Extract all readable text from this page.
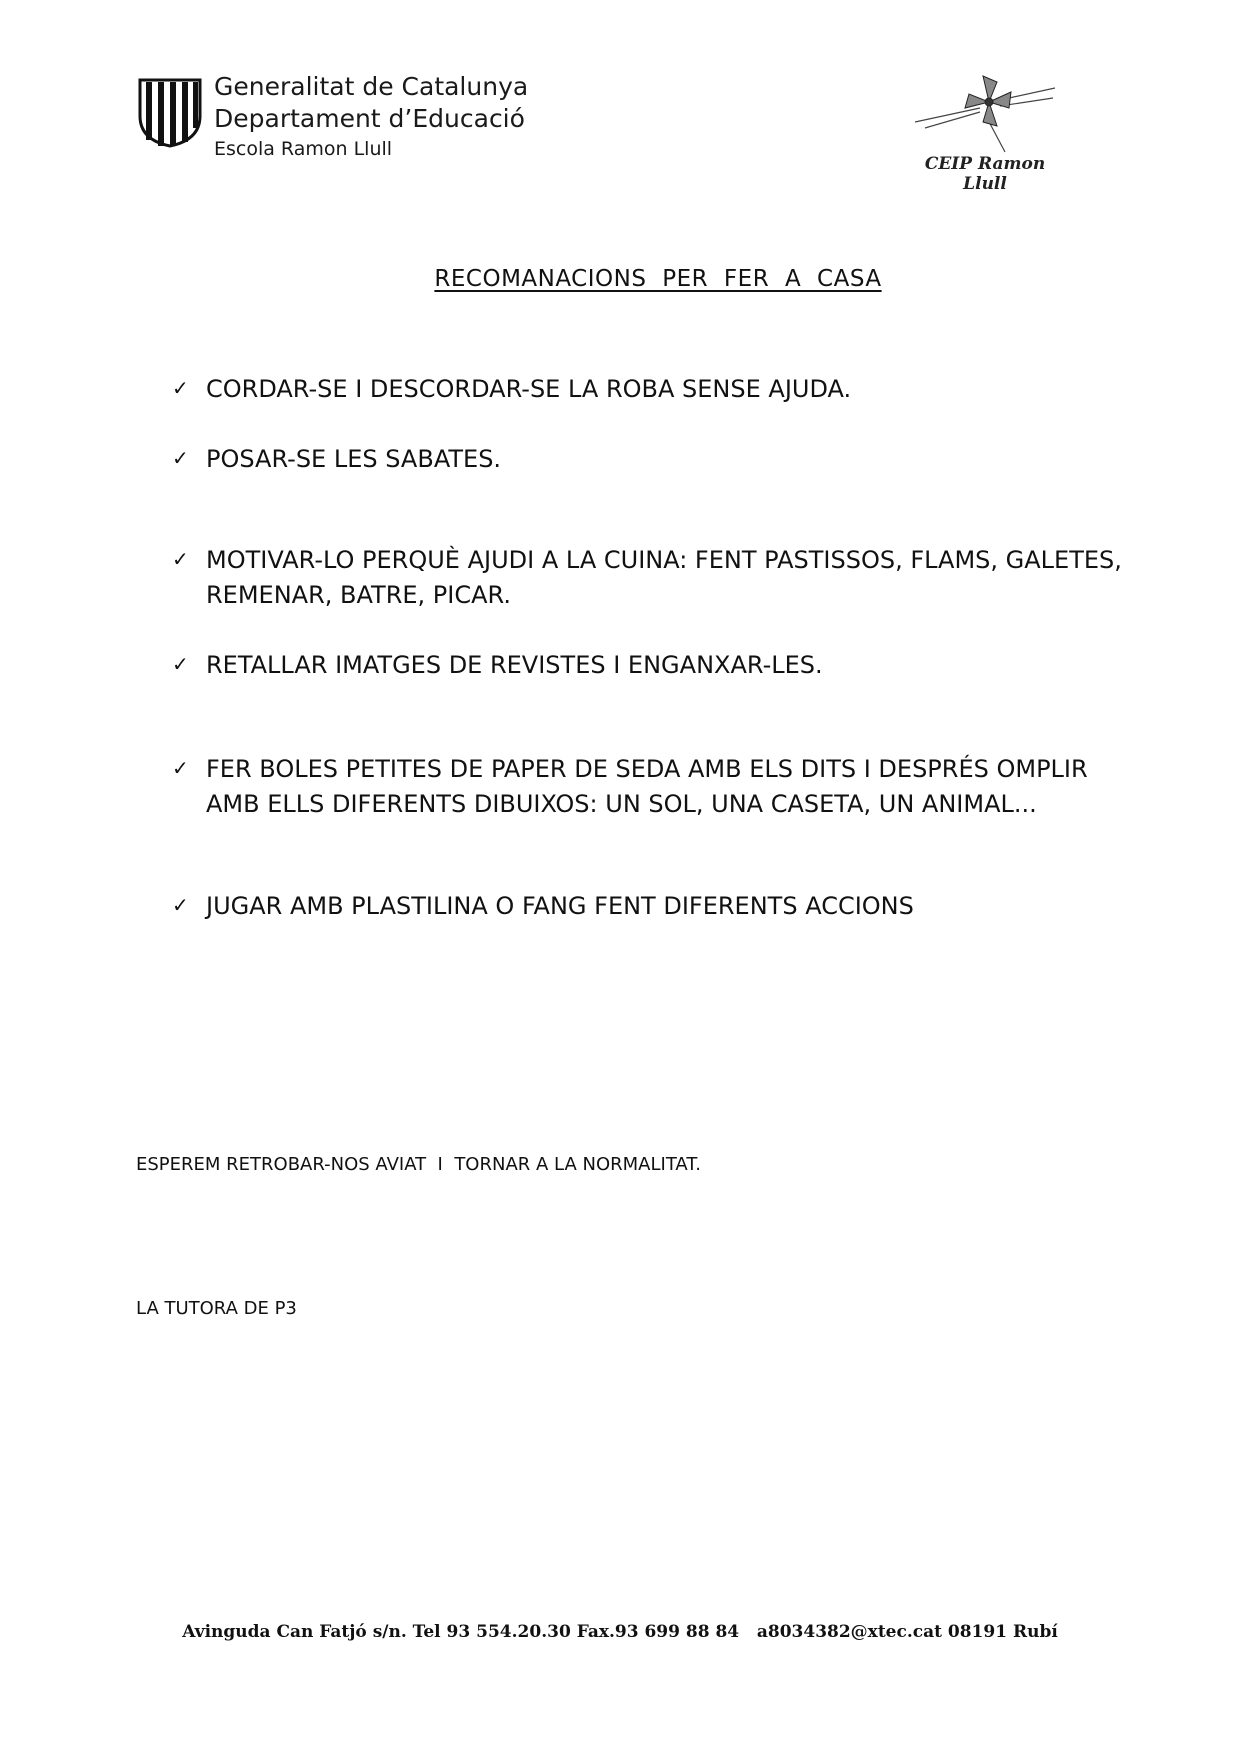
Generalitat de Catalunya
Departament d’Educació
Escola Ramon Llull
CEIP Ramon Llull
RECOMANACIONS PER FER A CASA
✓ CORDAR-SE I DESCORDAR-SE LA ROBA SENSE AJUDA.
✓ POSAR-SE LES SABATES.
✓ MOTIVAR-LO PERQUÈ AJUDI A LA CUINA: FENT PASTISSOS, FLAMS, GALETES, REMENAR, BATRE, PICAR.
✓ RETALLAR IMATGES DE REVISTES I ENGANXAR-LES.
✓ FER BOLES PETITES DE PAPER DE SEDA AMB ELS DITS I DESPRÉS OMPLIR AMB ELLS DIFERENTS DIBUIXOS: UN SOL, UNA CASETA, UN ANIMAL...
✓ JUGAR AMB PLASTILINA O FANG FENT DIFERENTS ACCIONS
ESPEREM RETROBAR-NOS AVIAT  I  TORNAR A LA NORMALITAT.
LA TUTORA DE P3
Avinguda Can Fatjó s/n. Tel 93 554.20.30 Fax.93 699 88 84   a8034382@xtec.cat 08191 Rubí
